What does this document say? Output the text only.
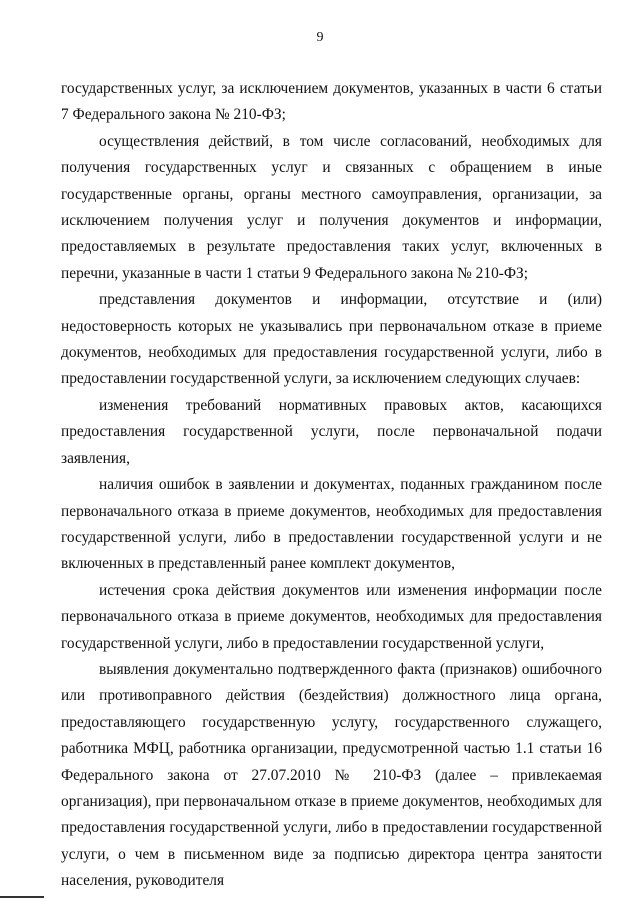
9

государственных услуг, за исключением документов, указанных в части 6 статьи 7 Федерального закона № 210-ФЗ;

осуществления действий, в том числе согласований, необходимых для получения государственных услуг и связанных с обращением в иные государственные органы, органы местного самоуправления, организации, за исключением получения услуг и получения документов и информации, предоставляемых в результате предоставления таких услуг, включенных в перечни, указанные в части 1 статьи 9 Федерального закона № 210-ФЗ;

представления документов и информации, отсутствие и (или) недостоверность которых не указывались при первоначальном отказе в приеме документов, необходимых для предоставления государственной услуги, либо в предоставлении государственной услуги, за исключением следующих случаев:

изменения требований нормативных правовых актов, касающихся предоставления государственной услуги, после первоначальной подачи заявления,

наличия ошибок в заявлении и документах, поданных гражданином после первоначального отказа в приеме документов, необходимых для предоставления государственной услуги, либо в предоставлении государственной услуги и не включенных в представленный ранее комплект документов,

истечения срока действия документов или изменения информации после первоначального отказа в приеме документов, необходимых для предоставления государственной услуги, либо в предоставлении государственной услуги,

выявления документально подтвержденного факта (признаков) ошибочного или противоправного действия (бездействия) должностного лица органа, предоставляющего государственную услугу, государственного служащего, работника МФЦ, работника организации, предусмотренной частью 1.1 статьи 16 Федерального закона от 27.07.2010 № 210-ФЗ (далее – привлекаемая организация), при первоначальном отказе в приеме документов, необходимых для предоставления государственной услуги, либо в предоставлении государственной услуги, о чем в письменном виде за подписью директора центра занятости населения, руководителя
